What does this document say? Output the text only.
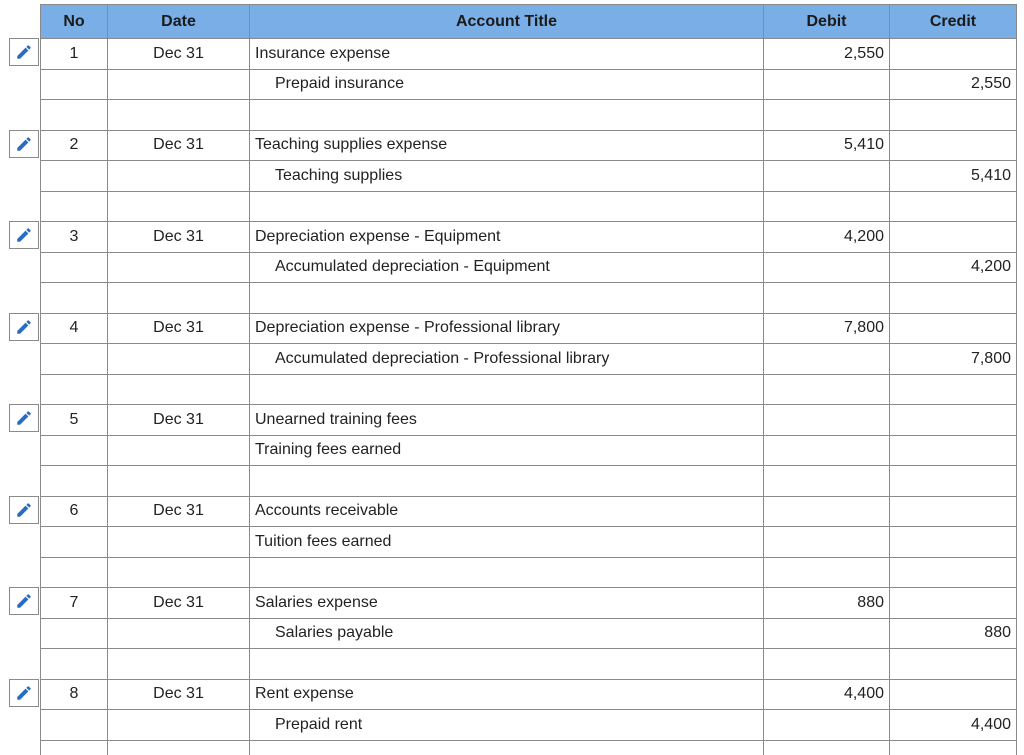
No	Date	Account Title	Debit	Credit
1	Dec 31	Insurance expense	2,550	
		Prepaid insurance		2,550

2	Dec 31	Teaching supplies expense	5,410	
		Teaching supplies		5,410

3	Dec 31	Depreciation expense - Equipment	4,200	
		Accumulated depreciation - Equipment		4,200

4	Dec 31	Depreciation expense - Professional library	7,800	
		Accumulated depreciation - Professional library		7,800

5	Dec 31	Unearned training fees		
		Training fees earned		

6	Dec 31	Accounts receivable		
		Tuition fees earned		

7	Dec 31	Salaries expense	880	
		Salaries payable		880

8	Dec 31	Rent expense	4,400	
		Prepaid rent		4,400
